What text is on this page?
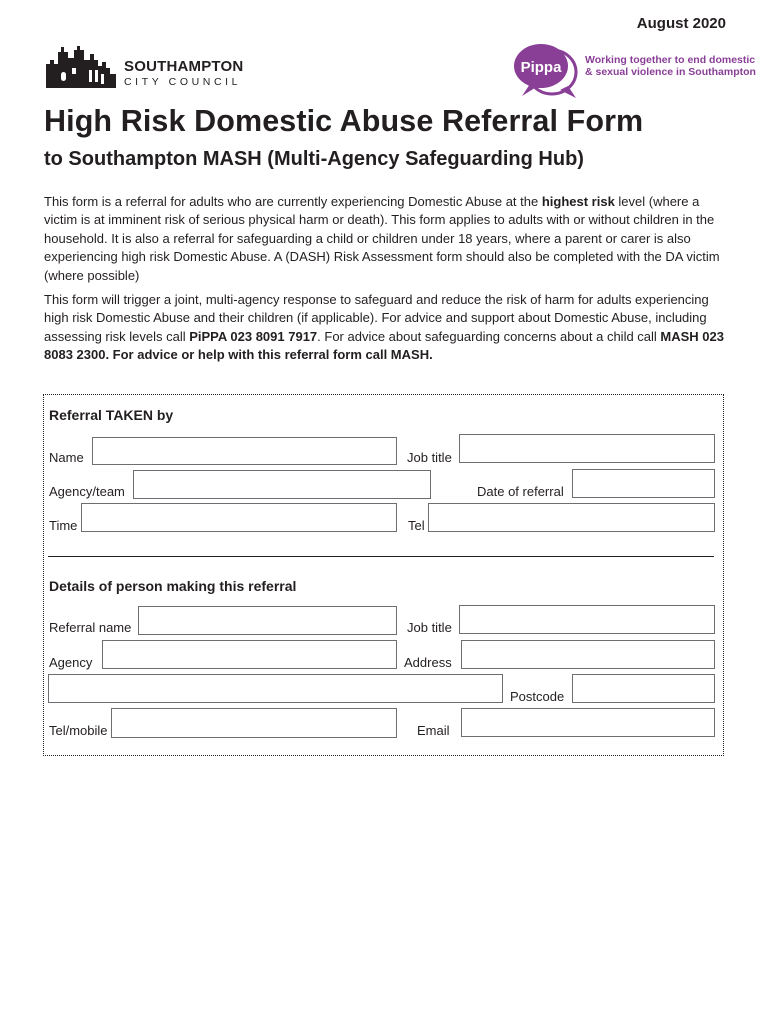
August 2020
SOUTHAMPTON
CITY COUNCIL
Pippa Working together to end domestic
& sexual violence in Southampton
High Risk Domestic Abuse Referral Form
to Southampton MASH (Multi-Agency Safeguarding Hub)

This form is a referral for adults who are currently experiencing Domestic Abuse at the highest risk level (where a victim is at imminent risk of serious physical harm or death). This form applies to adults with or without children in the household. It is also a referral for safeguarding a child or children under 18 years, where a parent or carer is also experiencing high risk Domestic Abuse. A (DASH) Risk Assessment form should also be completed with the DA victim (where possible)

This form will trigger a joint, multi-agency response to safeguard and reduce the risk of harm for adults experiencing high risk Domestic Abuse and their children (if applicable). For advice and support about Domestic Abuse, including assessing risk levels call PiPPA 023 8091 7917. For advice about safeguarding concerns about a child call MASH 023 8083 2300. For advice or help with this referral form call MASH.

Referral TAKEN by
Name	Job title
Agency/team	Date of referral
Time	Tel
Details of person making this referral
Referral name	Job title
Agency	Address
Postcode
Tel/mobile	Email
